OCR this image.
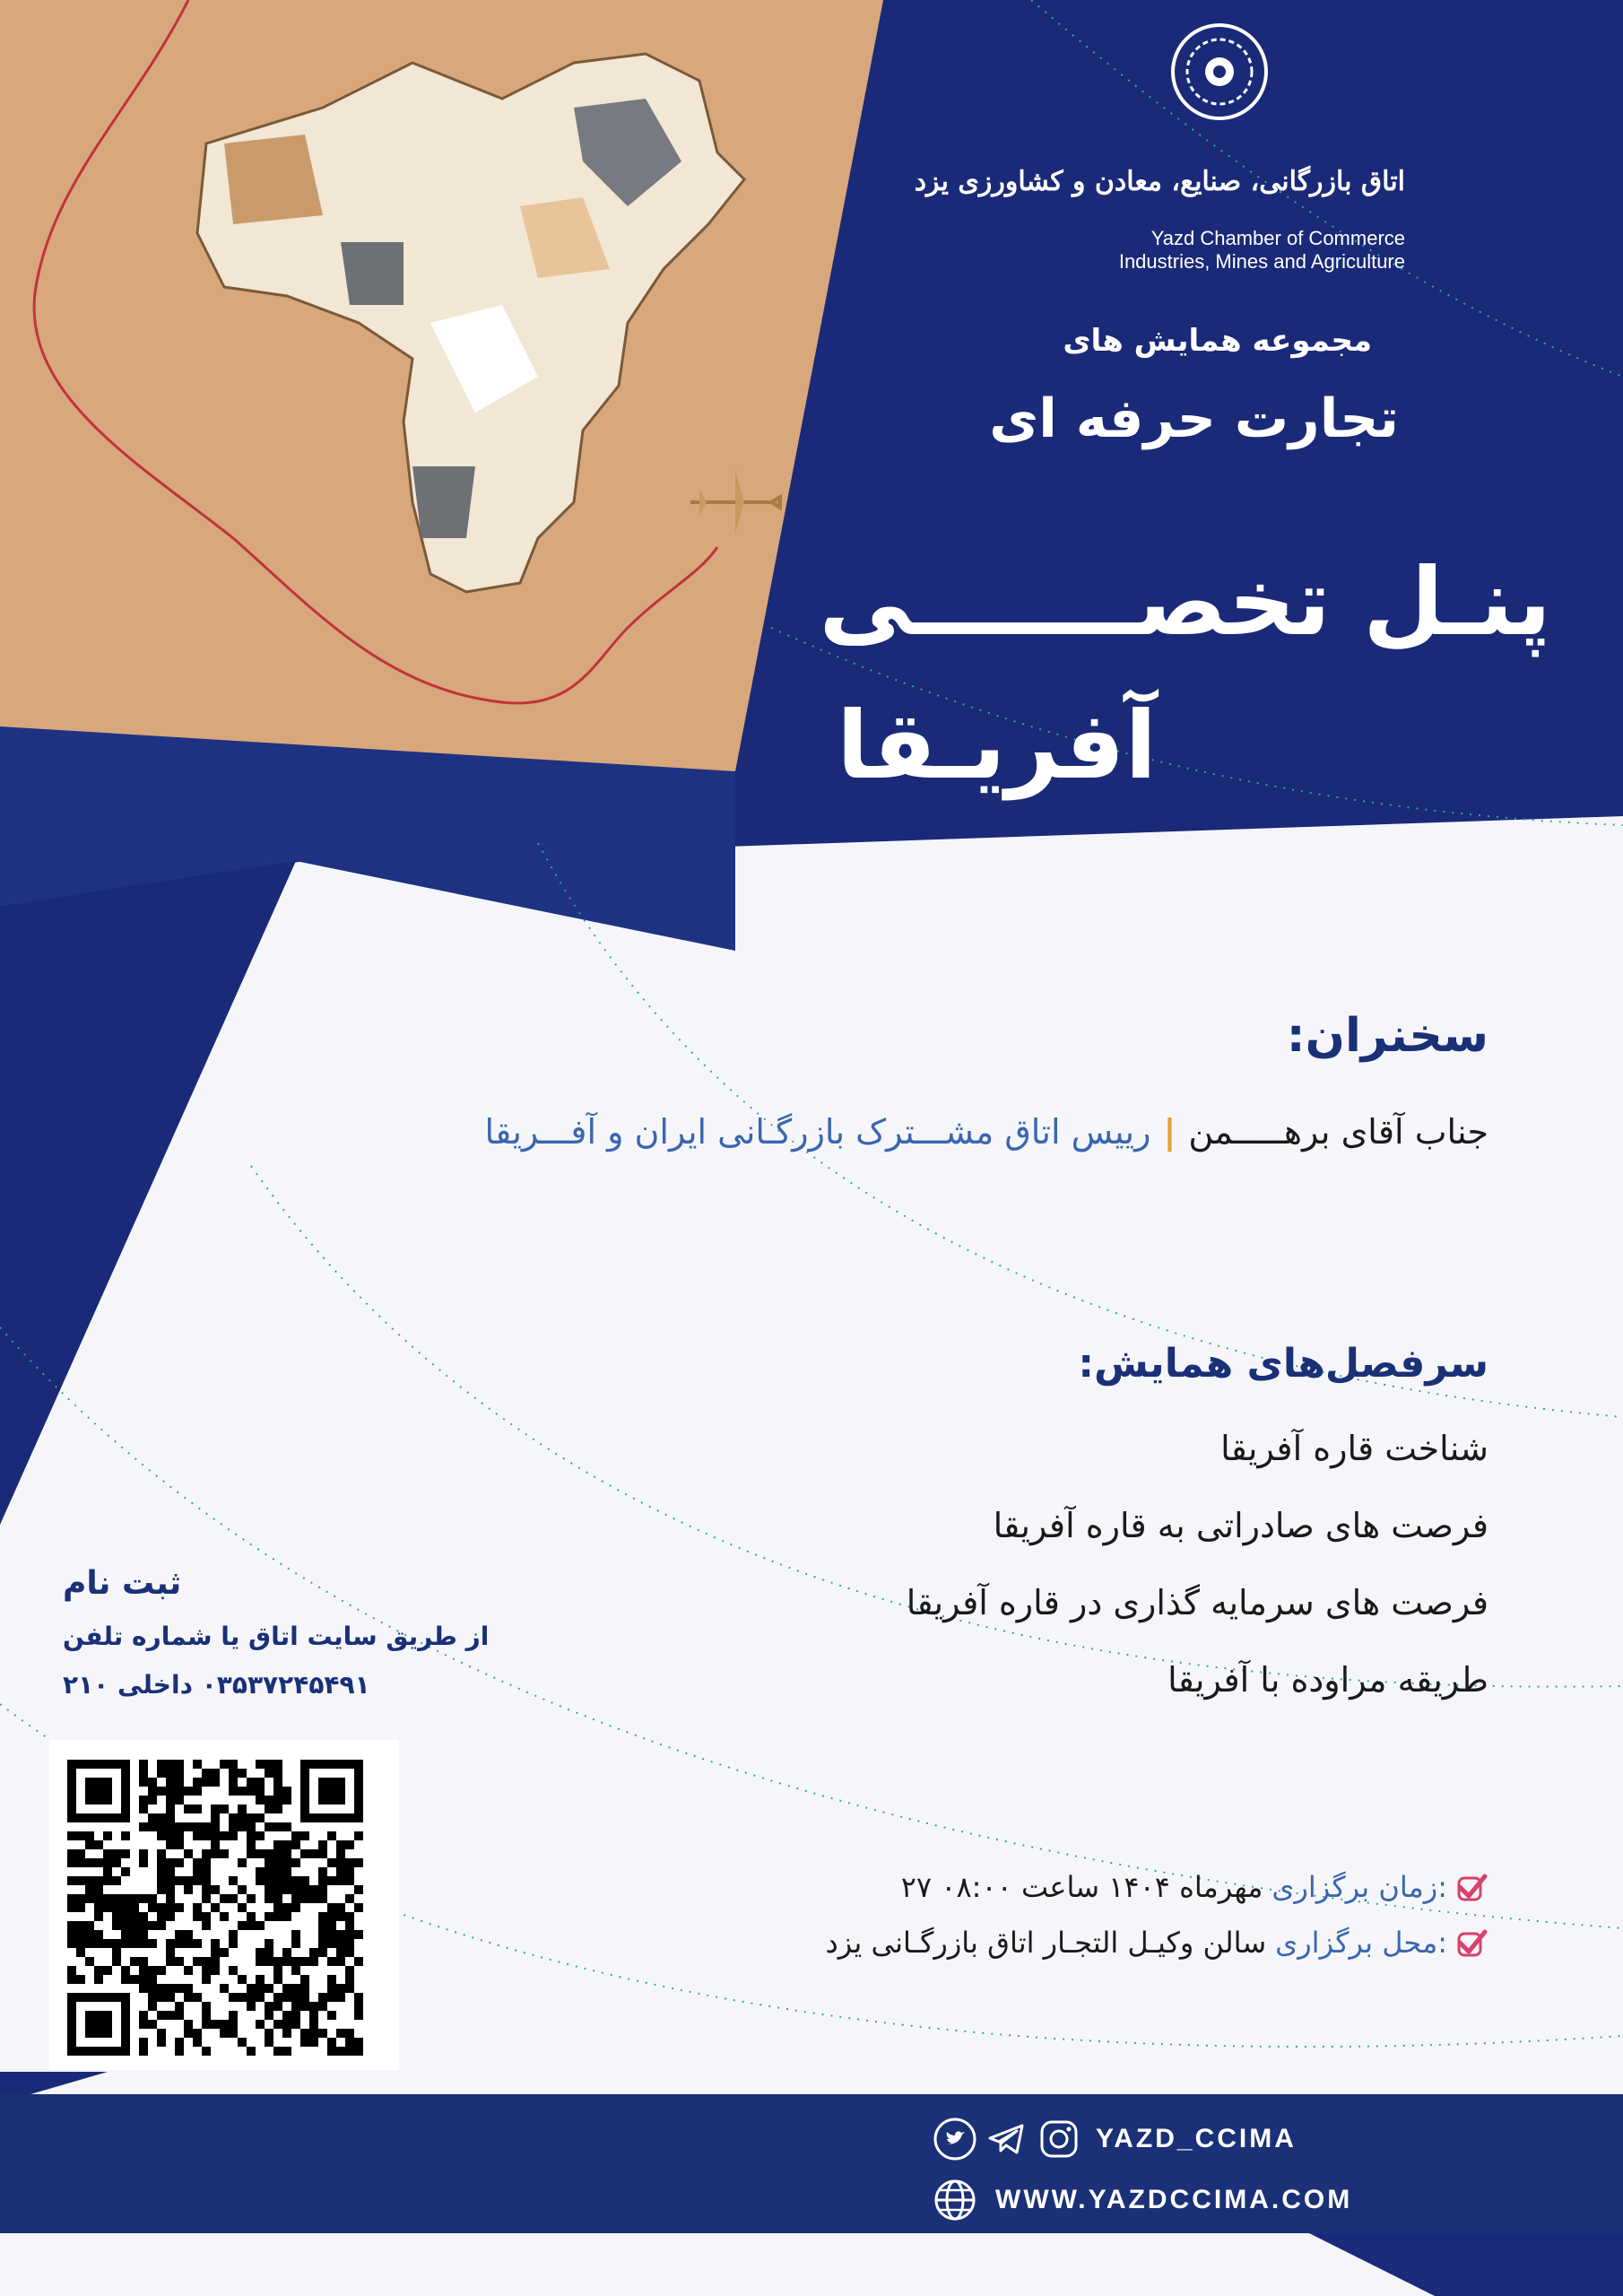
اتاق بازرگانی، صنایع، معادن و کشاورزی یزد
Yazd Chamber of Commerce
Industries, Mines and Agriculture
مجموعه همایش های
تجارت حرفه ای
پنـل تخصـــــــی
آفریـقا
سخنران:
جناب آقای برهـــــمن|رییس اتاق مشـــترک بازرگـانی ایران و آفـــریقا
سرفصل‌های همایش:
شناخت قاره آفریقا
فرصت های صادراتی به قاره آفریقا
فرصت های سرمایه گذاری در قاره آفریقا
طریقه مراوده با آفریقا
ثبت نام
از طریق سایت اتاق یا شماره تلفن
۰۳۵۳۷۲۴۵۴۹۱ داخلی ۲۱۰
زمان برگزاری:
۲۷ مهرماه ۱۴۰۴ ساعت ۰۸:۰۰
محل برگزاری:
سالن وکیـل التجـار اتاق بازرگـانی یزد
YAZD_CCIMA
WWW.YAZDCCIMA.COM
